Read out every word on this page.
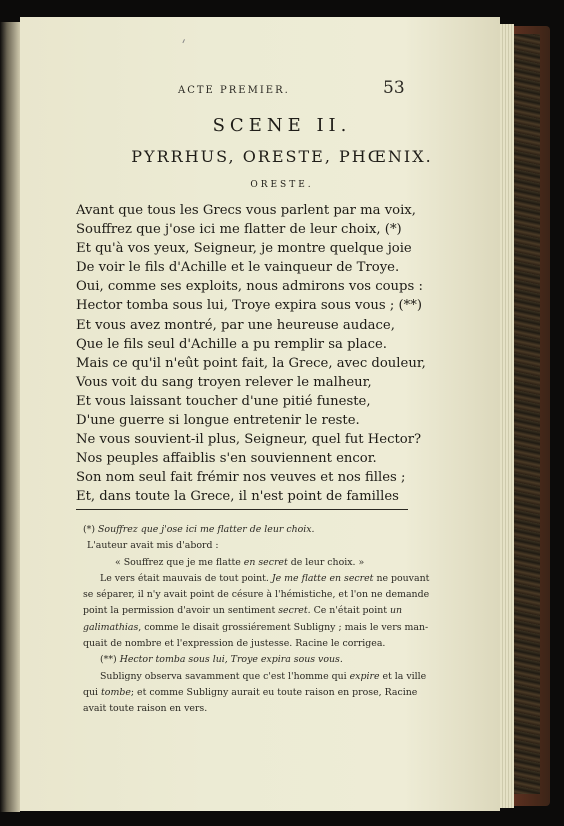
ACTE PREMIER.	53
SCENE II.
PYRRHUS, ORESTE, PHŒNIX.
ORESTE.
Avant que tous les Grecs vous parlent par ma voix,
Souffrez que j'ose ici me flatter de leur choix, (*)
Et qu'à vos yeux, Seigneur, je montre quelque joie
De voir le fils d'Achille et le vainqueur de Troye.
Oui, comme ses exploits, nous admirons vos coups :
Hector tomba sous lui, Troye expira sous vous ; (**)
Et vous avez montré, par une heureuse audace,
Que le fils seul d'Achille a pu remplir sa place.
Mais ce qu'il n'eût point fait, la Grece, avec douleur,
Vous voit du sang troyen relever le malheur,
Et vous laissant toucher d'une pitié funeste,
D'une guerre si longue entretenir le reste.
Ne vous souvient-il plus, Seigneur, quel fut Hector?
Nos peuples affaiblis s'en souviennent encor.
Son nom seul fait frémir nos veuves et nos filles ;
Et, dans toute la Grece, il n'est point de familles
(*) Souffrez que j'ose ici me flatter de leur choix.
L'auteur avait mis d'abord :
« Souffrez que je me flatte en secret de leur choix. »
Le vers était mauvais de tout point. Je me flatte en secret ne pouvant
se séparer, il n'y avait point de césure à l'hémistiche, et l'on ne demande
point la permission d'avoir un sentiment secret. Ce n'était point un
galimathias, comme le disait grossiérement Subligny ; mais le vers man-
quait de nombre et l'expression de justesse. Racine le corrigea.
(**) Hector tomba sous lui, Troye expira sous vous.
Subligny observa savamment que c'est l'homme qui expire et la ville
qui tombe; et comme Subligny aurait eu toute raison en prose, Racine
avait toute raison en vers.
